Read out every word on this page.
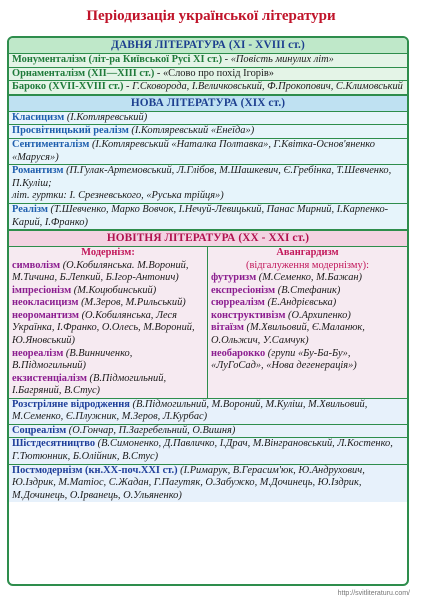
Періодизація української літератури
ДАВНЯ ЛІТЕРАТУРА (XI - XVIII ст.)
Монументалізм (літ-ра Київської Русі XI ст.) - «Повість минулих літ»
Орнаменталізм (ХІІ—ХІІІ ст.) - «Слово про похід Ігорів»
Бароко (XVII-XVIII ст.) - Г.Сковорода, І.Величковський, Ф.Прокопович, С.Климовський
НОВА ЛІТЕРАТУРА (XIX ст.)
Класицизм (І.Котляревський)
Просвітницький реалізм (І.Котляревський «Енеїда»)
Сентименталізм (І.Котляревський «Наталка Полтавка», Г.Квітка-Основ'яненко «Маруся»)
Романтизм (П.Гулак-Артемовський, Л.Глібов, М.Шашкевич, Є.Гребінка, Т.Шевченко, П.Куліш;
літ. гуртки: І. Срезневського, «Руська трійця»)
Реалізм (Т.Шевченко, Марко Вовчок, І.Нечуй-Левицький, Панас Мирний, І.Карпенко-Карий, І.Франко)
НОВІТНЯ ЛІТЕРАТУРА (XX - XXI ст.)
Модернізм:
символізм (О.Кобилянська. М.Вороний, М.Тичина, Б.Лепкий, Б.Ігор-Антонич)
імпресіонізм (М.Коцюбинський)
неокласицизм (М.Зеров, М.Рильський)
неоромантизм (О.Кобилянська, Леся Українка, І.Франко, О.Олесь, М.Вороний, Ю.Яновський)
неореалізм (В.Винниченко, В.Підмогильний)
екзистенціалізм (В.Підмогильний, І.Багряний, В.Стус)
Авангардизм
(відгалуження модернізму):
футуризм (М.Семенко, М.Бажан)
експресіонізм (В.Стефаник)
сюрреалізм (Е.Андрієвська)
конструктивізм (О.Архипенко)
вітаїзм (М.Хвильовий, Є.Маланюк, О.Ольжич, У.Самчук)
необарокко (групи «Бу-Ба-Бу», «ЛуГоСад», «Нова дегенерація»)
Розстріляне відродження (В.Підмогильний, М.Вороний, М.Куліш, М.Хвильовий, М.Семенко, Є.Плужник, М.Зеров, Л.Курбас)
Соцреалізм (О.Гончар, П.Загребельний, О.Вишня)
Шістдесятництво (В.Симоненко, Д.Павличко, І.Драч, М.Вінграновський, Л.Костенко, Г.Тютюнник, Б.Олійник, В.Стус)
Постмодернізм (кн.ХХ-поч.ХХІ ст.) (І.Римарук, В.Герасим'юк, Ю.Андрухович, Ю.Іздрик, М.Матіос, С.Жадан, Г.Пагутяк, О.Забужко, М.Дочинець, Ю.Іздрик, М.Дочинець, О.Ірванець, О.Ульяненко)
http://svitliteraturu.com/
